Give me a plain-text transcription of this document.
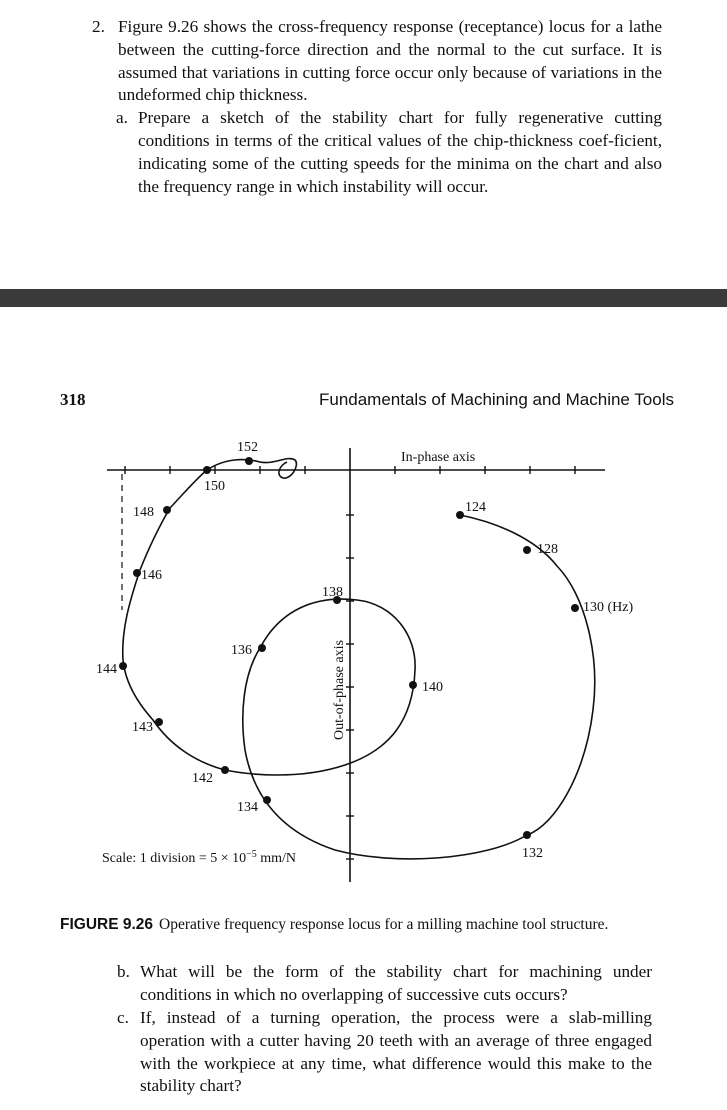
2. Figure 9.26 shows the cross-frequency response (receptance) locus for a lathe between the cutting-force direction and the normal to the cut surface. It is assumed that variations in cutting force occur only because of variations in the undeformed chip thickness.

a. Prepare a sketch of the stability chart for fully regenerative cutting conditions in terms of the critical values of the chip-thickness coef-ficient, indicating some of the cutting speeds for the minima on the chart and also the frequency range in which instability will occur.

318	Fundamentals of Machining and Machine Tools
124
128
130 (Hz)
132
134
136
138
140
142
143
144
146
148
150
152
In-phase axis
Out-of-phase axis
Scale: 1 division = $5 \times 10^{-5}$ mm/N

FIGURE 9.26 Operative frequency response locus for a milling machine tool structure.

b. What will be the form of the stability chart for machining under conditions in which no overlapping of successive cuts occurs?

c. If, instead of a turning operation, the process were a slab-milling operation with a cutter having 20 teeth with an average of three engaged with the workpiece at any time, what difference would this make to the stability chart?
